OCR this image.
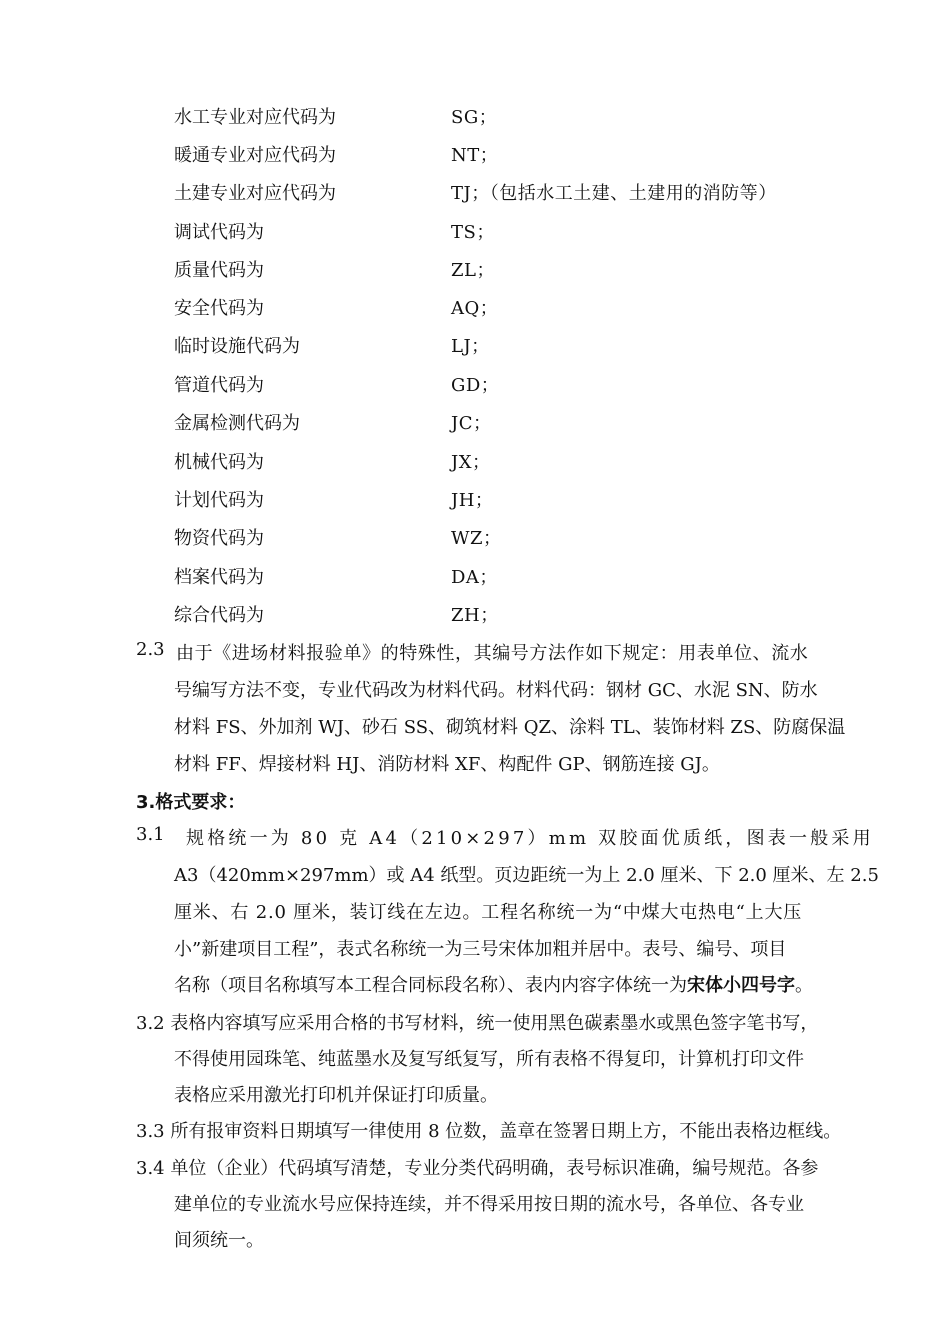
水工专业对应代码为	SG；
暖通专业对应代码为	NT；
土建专业对应代码为	TJ；（包括水工土建、土建用的消防等）
调试代码为	TS；
质量代码为	ZL；
安全代码为	AQ；
临时设施代码为	LJ；
管道代码为	GD；
金属检测代码为	JC；
机械代码为	JX；
计划代码为	JH；
物资代码为	WZ；
档案代码为	DA；
综合代码为	ZH；
2.3 由于《进场材料报验单》的特殊性，其编号方法作如下规定：用表单位、流水
号编写方法不变，专业代码改为材料代码。材料代码：钢材 GC、水泥 SN、防水
材料 FS、外加剂 WJ、砂石 SS、砌筑材料 QZ、涂料 TL、装饰材料 ZS、防腐保温
材料 FF、焊接材料 HJ、消防材料 XF、构配件 GP、钢筋连接 GJ。
3.格式要求：
3.1 规格统一为 80 克 A4（210×297）mm 双胶面优质纸，图表一般采用
A3（420mm×297mm）或 A4 纸型。页边距统一为上 2.0 厘米、下 2.0 厘米、左 2.5
厘米、右 2.0 厘米，装订线在左边。工程名称统一为“中煤大屯热电“上大压
小”新建项目工程”，表式名称统一为三号宋体加粗并居中。表号、编号、项目
名称（项目名称填写本工程合同标段名称）、表内内容字体统一为宋体小四号字。
3.2 表格内容填写应采用合格的书写材料，统一使用黑色碳素墨水或黑色签字笔书写，
不得使用园珠笔、纯蓝墨水及复写纸复写，所有表格不得复印，计算机打印文件
表格应采用激光打印机并保证打印质量。
3.3 所有报审资料日期填写一律使用 8 位数，盖章在签署日期上方，不能出表格边框线。
3.4 单位（企业）代码填写清楚，专业分类代码明确，表号标识准确，编号规范。各参
建单位的专业流水号应保持连续，并不得采用按日期的流水号，各单位、各专业
间须统一。
